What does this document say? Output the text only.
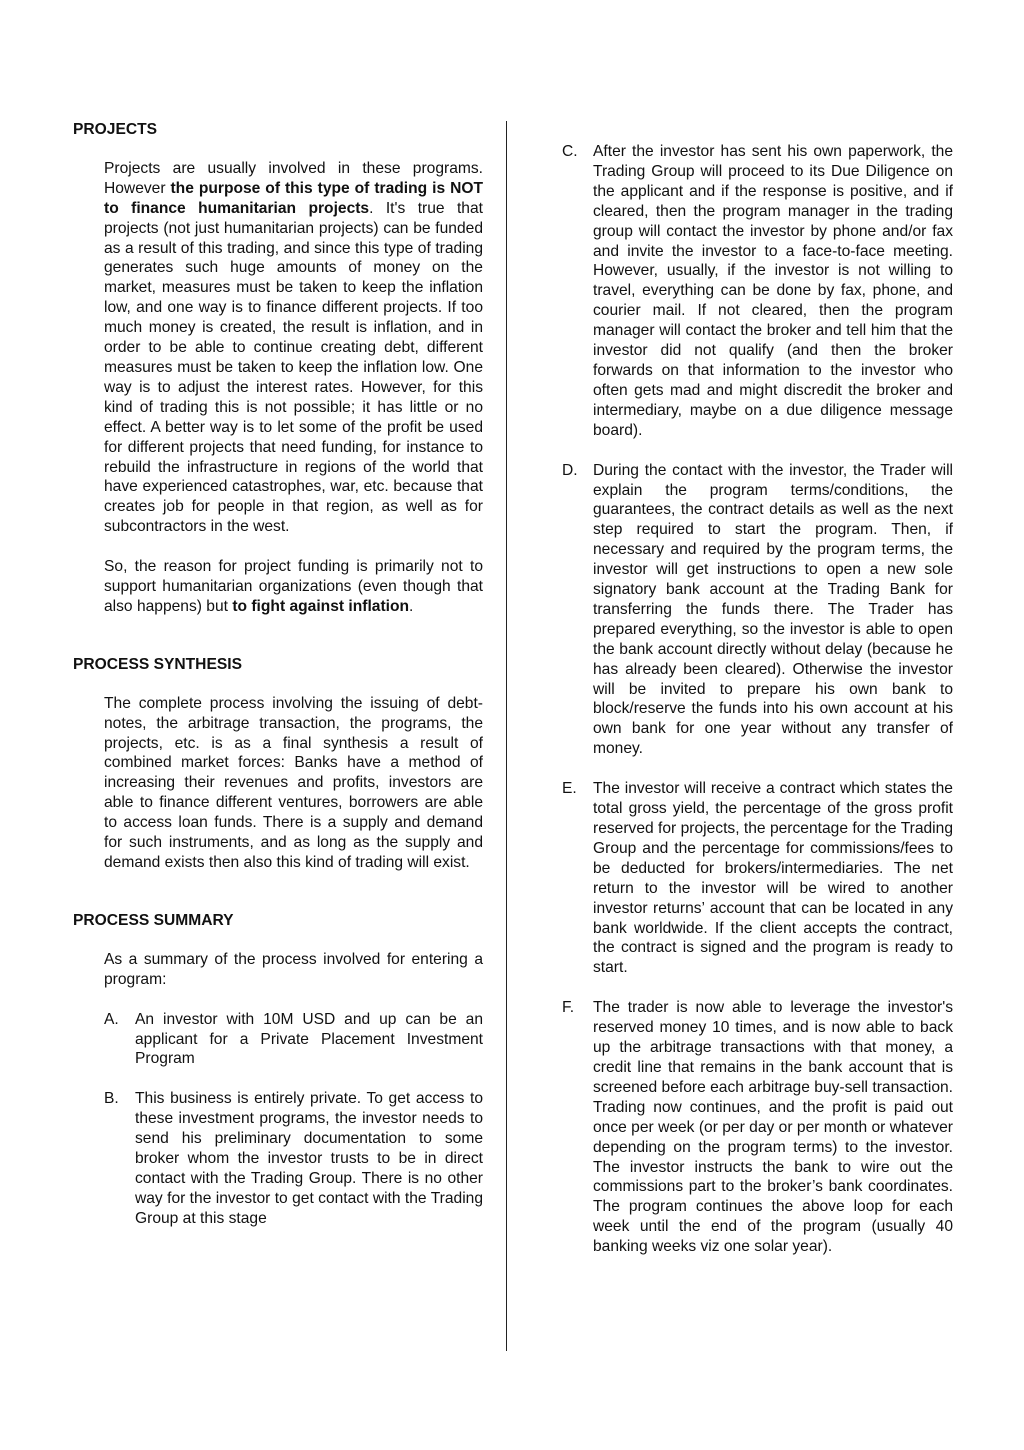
PROJECTS

Projects are usually involved in these programs. However the purpose of this type of trading is NOT to finance humanitarian projects. It's true that projects (not just humanitarian projects) can be funded as a result of this trading, and since this type of trading generates such huge amounts of money on the market, measures must be taken to keep the inflation low, and one way is to finance different projects. If too much money is created, the result is inflation, and in order to be able to continue creating debt, different measures must be taken to keep the inflation low. One way is to adjust the interest rates. However, for this kind of trading this is not possible; it has little or no effect. A better way is to let some of the profit be used for different projects that need funding, for instance to rebuild the infrastructure in regions of the world that have experienced catastrophes, war, etc. because that creates job for people in that region, as well as for subcontractors in the west.

So, the reason for project funding is primarily not to support humanitarian organizations (even though that also happens) but to fight against inflation.

PROCESS SYNTHESIS

The complete process involving the issuing of debt-notes, the arbitrage transaction, the programs, the projects, etc. is as a final synthesis a result of combined market forces: Banks have a method of increasing their revenues and profits, investors are able to finance different ventures, borrowers are able to access loan funds. There is a supply and demand for such instruments, and as long as the supply and demand exists then also this kind of trading will exist.

PROCESS SUMMARY

As a summary of the process involved for entering a program:

A.	An investor with 10M USD and up can be an applicant for a Private Placement Investment Program
B.	This business is entirely private. To get access to these investment programs, the investor needs to send his preliminary documentation to some broker whom the investor trusts to be in direct contact with the Trading Group. There is no other way for the investor to get contact with the Trading Group at this stage
C. After the investor has sent his own paperwork, the Trading Group will proceed to its Due Diligence on the applicant and if the response is positive, and if cleared, then the program manager in the trading group will contact the investor by phone and/or fax and invite the investor to a face-to-face meeting. However, usually, if the investor is not willing to travel, everything can be done by fax, phone, and courier mail. If not cleared, then the program manager will contact the broker and tell him that the investor did not qualify (and then the broker forwards on that information to the investor who often gets mad and might discredit the broker and intermediary, maybe on a due diligence message board).
D. During the contact with the investor, the Trader will explain the program terms/conditions, the guarantees, the contract details as well as the next step required to start the program. Then, if necessary and required by the program terms, the investor will get instructions to open a new sole signatory bank account at the Trading Bank for transferring the funds there. The Trader has prepared everything, so the investor is able to open the bank account directly without delay (because he has already been cleared). Otherwise the investor will be invited to prepare his own bank to block/reserve the funds into his own account at his own bank for one year without any transfer of money.
E.	The investor will receive a contract which states the total gross yield, the percentage of the gross profit reserved for projects, the percentage for the Trading Group and the percentage for commissions/fees to be deducted for brokers/intermediaries. The net return to the investor will be wired to another investor returns’ account that can be located in any bank worldwide. If the client accepts the contract, the contract is signed and the program is ready to start.
F.	The trader is now able to leverage the investor's reserved money 10 times, and is now able to back up the arbitrage transactions with that money, a credit line that remains in the bank account that is screened before each arbitrage buy-sell transaction. Trading now continues, and the profit is paid out once per week (or per day or per month or whatever depending on the program terms) to the investor. The investor instructs the bank to wire out the commissions part to the broker’s bank coordinates. The program continues the above loop for each week until the end of the program (usually 40 banking weeks viz one solar year).
